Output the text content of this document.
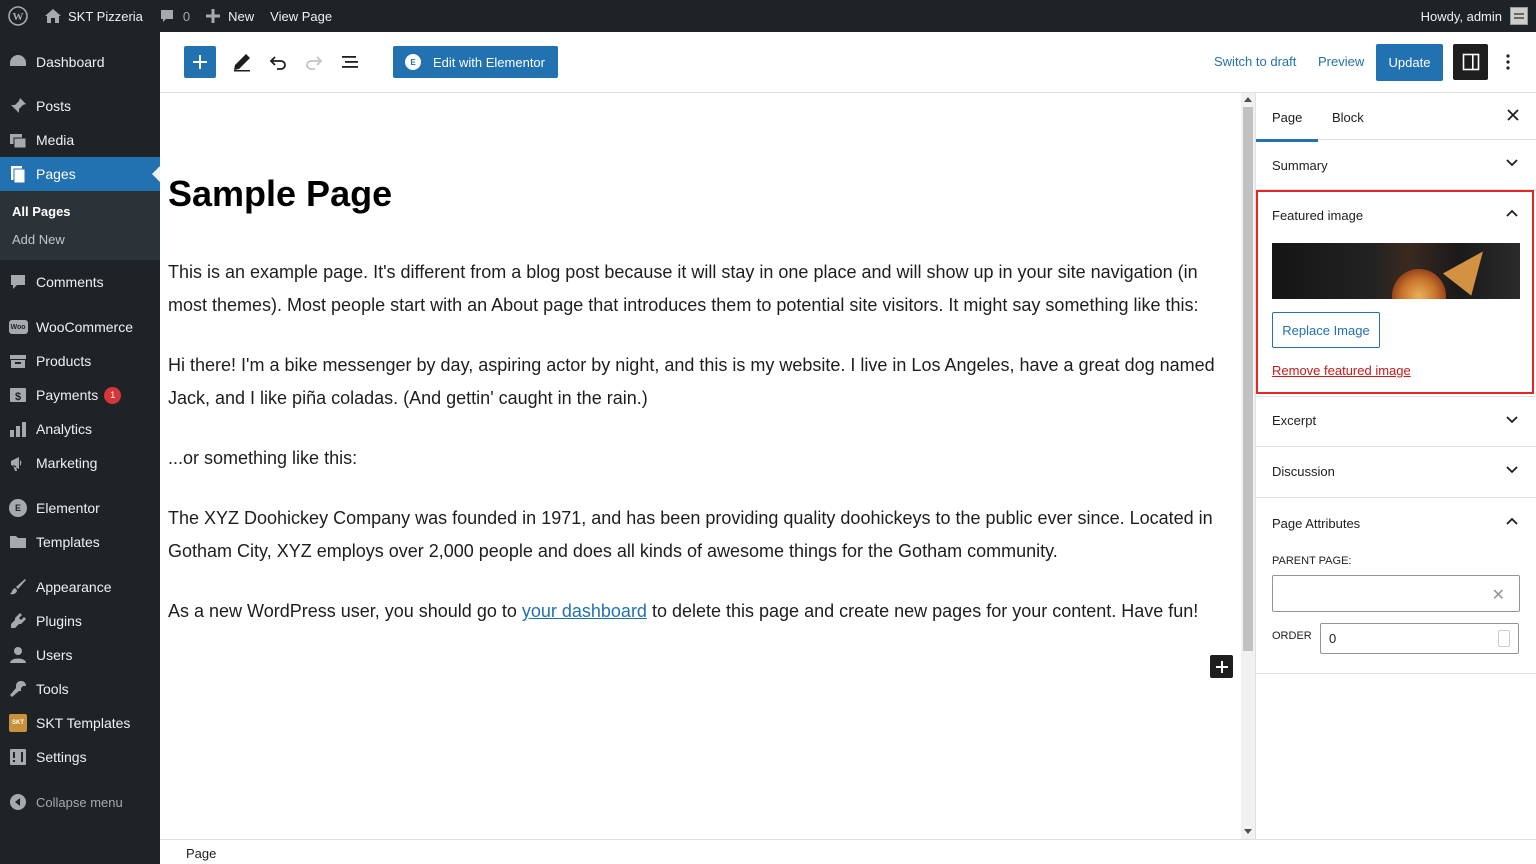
W	SKT Pizzeria	0	New View Page	Howdy, admin
Dashboard
Posts
Media
Pages
All Pages
Add New
Comments
Woo WooCommerce
Products
$ Payments	1
Analytics
Marketing
E	Elementor
Templates
Appearance
Plugins
Users
Tools
SKT SKT Templates
Settings
Collapse menu
E	Edit with Elementor	Switch to draft Preview	Update
Sample Page

This is an example page. It's different from a blog post because it will stay in one place and will show up in your site navigation (in most themes). Most people start with an About page that introduces them to potential site visitors. It might say something like this:

Hi there! I'm a bike messenger by day, aspiring actor by night, and this is my website. I live in Los Angeles, have a great dog named Jack, and I like piña coladas. (And gettin' caught in the rain.)

...or something like this:

The XYZ Doohickey Company was founded in 1971, and has been providing quality doohickeys to the public ever since. Located in Gotham City, XYZ employs over 2,000 people and does all kinds of awesome things for the Gotham community.

As a new WordPress user, you should go to your dashboard to delete this page and create new pages for your content. Have fun!

Page
Page Block
Summary
Featured image
Replace Image
Remove featured image
Excerpt
Discussion
Page Attributes
PARENT PAGE:
✕
ORDER	0
